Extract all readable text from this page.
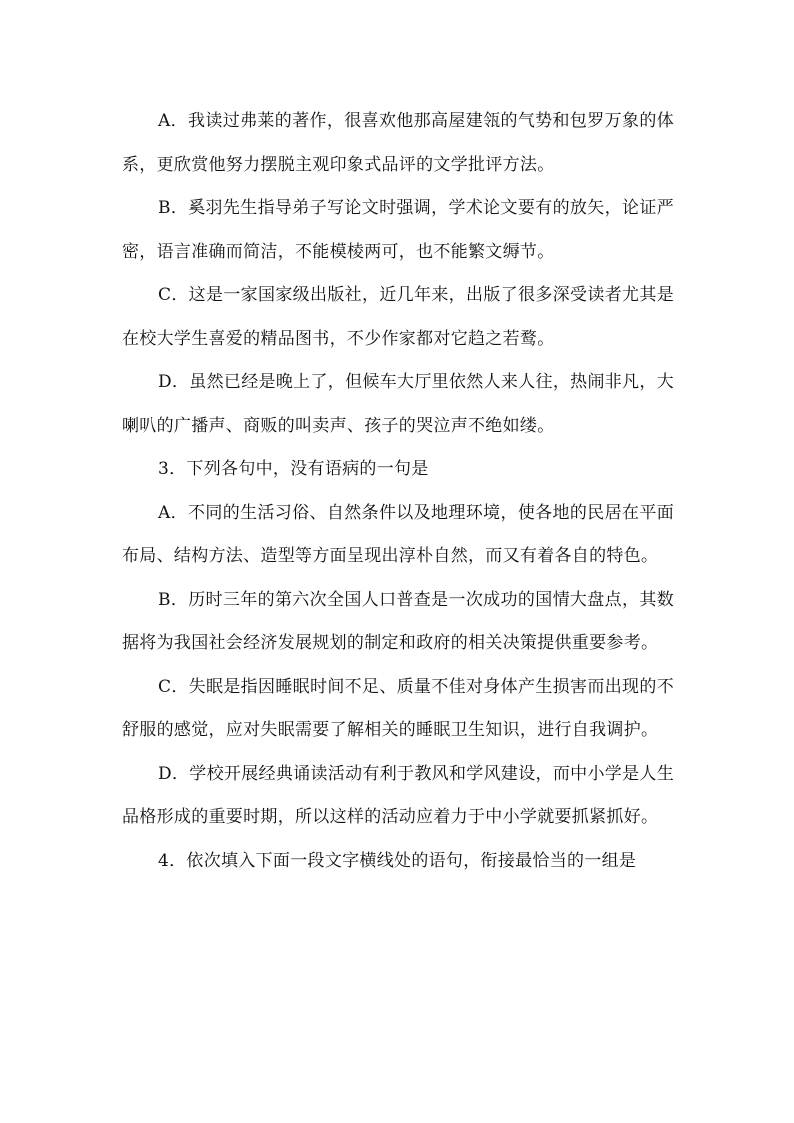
A．我读过弗莱的著作，很喜欢他那高屋建瓴的气势和包罗万象的体系，更欣赏他努力摆脱主观印象式品评的文学批评方法。

B．奚羽先生指导弟子写论文时强调，学术论文要有的放矢，论证严密，语言准确而简洁，不能模棱两可，也不能繁文缛节。

C．这是一家国家级出版社，近几年来，出版了很多深受读者尤其是在校大学生喜爱的精品图书，不少作家都对它趋之若鹜。

D．虽然已经是晚上了，但候车大厅里依然人来人往，热闹非凡，大喇叭的广播声、商贩的叫卖声、孩子的哭泣声不绝如缕。

3．下列各句中，没有语病的一句是

A．不同的生活习俗、自然条件以及地理环境，使各地的民居在平面布局、结构方法、造型等方面呈现出淳朴自然，而又有着各自的特色。

B．历时三年的第六次全国人口普查是一次成功的国情大盘点，其数据将为我国社会经济发展规划的制定和政府的相关决策提供重要参考。

C．失眠是指因睡眠时间不足、质量不佳对身体产生损害而出现的不舒服的感觉，应对失眠需要了解相关的睡眠卫生知识，进行自我调护。

D．学校开展经典诵读活动有利于教风和学风建设，而中小学是人生品格形成的重要时期，所以这样的活动应着力于中小学就要抓紧抓好。

4．依次填入下面一段文字横线处的语句，衔接最恰当的一组是
